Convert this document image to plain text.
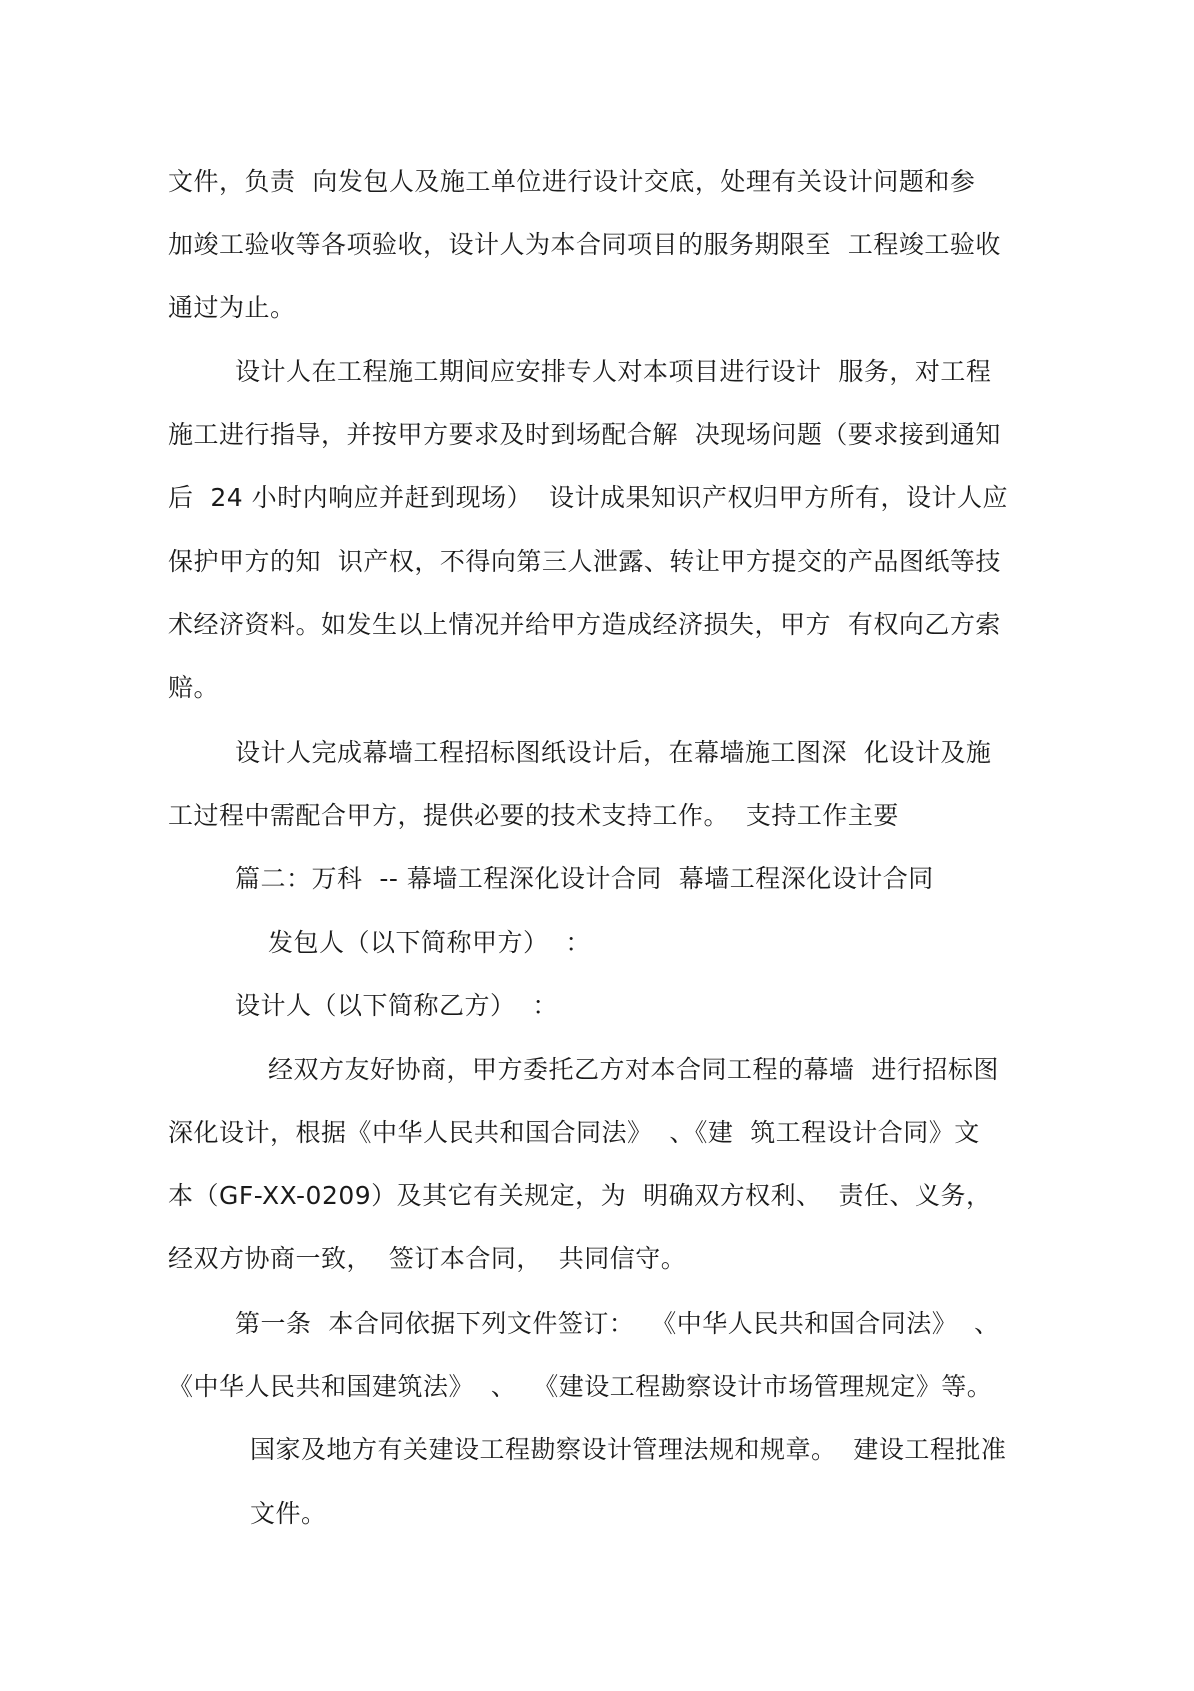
文件，负责  向发包人及施工单位进行设计交底，处理有关设计问题和参
加竣工验收等各项验收，设计人为本合同项目的服务期限至  工程竣工验收
通过为止。
设计人在工程施工期间应安排专人对本项目进行设计  服务，对工程
施工进行指导，并按甲方要求及时到场配合解  决现场问题（要求接到通知
后  24 小时内响应并赶到现场）  设计成果知识产权归甲方所有，设计人应
保护甲方的知  识产权，不得向第三人泄露、转让甲方提交的产品图纸等技
术经济资料。如发生以上情况并给甲方造成经济损失，甲方  有权向乙方索
赔。
设计人完成幕墙工程招标图纸设计后，在幕墙施工图深  化设计及施
工过程中需配合甲方，提供必要的技术支持工作。  支持工作主要
篇二：万科  -- 幕墙工程深化设计合同  幕墙工程深化设计合同
发包人（以下简称甲方）  ：
设计人（以下简称乙方）  ：
经双方友好协商，甲方委托乙方对本合同工程的幕墙  进行招标图
深化设计，根据《中华人民共和国合同法》  、《建  筑工程设计合同》文
本（GF-XX-0209）及其它有关规定，为  明确双方权利、  责任、义务，
经双方协商一致，  签订本合同，  共同信守。
第一条  本合同依据下列文件签订：  《中华人民共和国合同法》  、
《中华人民共和国建筑法》  、  《建设工程勘察设计市场管理规定》等。
国家及地方有关建设工程勘察设计管理法规和规章。  建设工程批准
文件。
